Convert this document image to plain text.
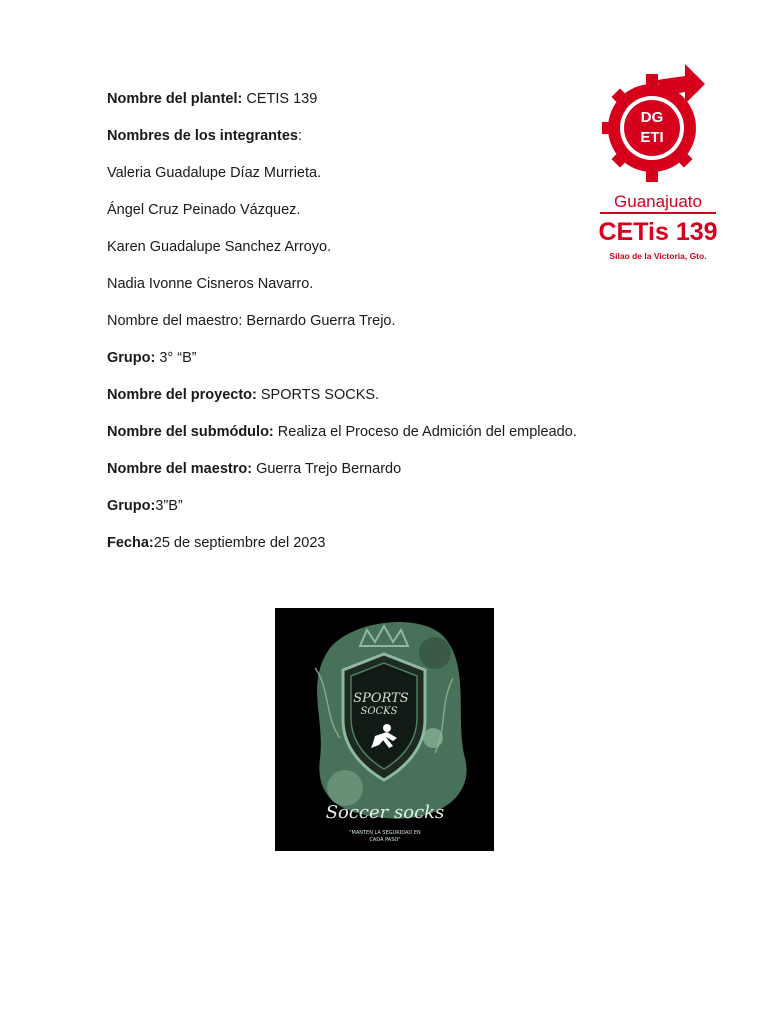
Nombre del plantel: CETIS 139
Nombres de los integrantes:
Valeria Guadalupe Díaz Murrieta.
Ángel Cruz Peinado Vázquez.
Karen Guadalupe Sanchez Arroyo.
Nadia Ivonne Cisneros Navarro.
Nombre del maestro: Bernardo Guerra Trejo.
Grupo: 3° “B”
Nombre del proyecto: SPORTS SOCKS.
Nombre del submódulo: Realiza el Proceso de Admición del empleado.
Nombre del maestro: Guerra Trejo Bernardo
Grupo:3”B”
Fecha:25 de septiembre del 2023
DG
ETI
Guanajuato
CETis 139
Silao de la Victoria, Gto.
SPORTS
SOCKS
Soccer socks
"MANTEN LA SEGURIDAD EN
CADA PASO"
